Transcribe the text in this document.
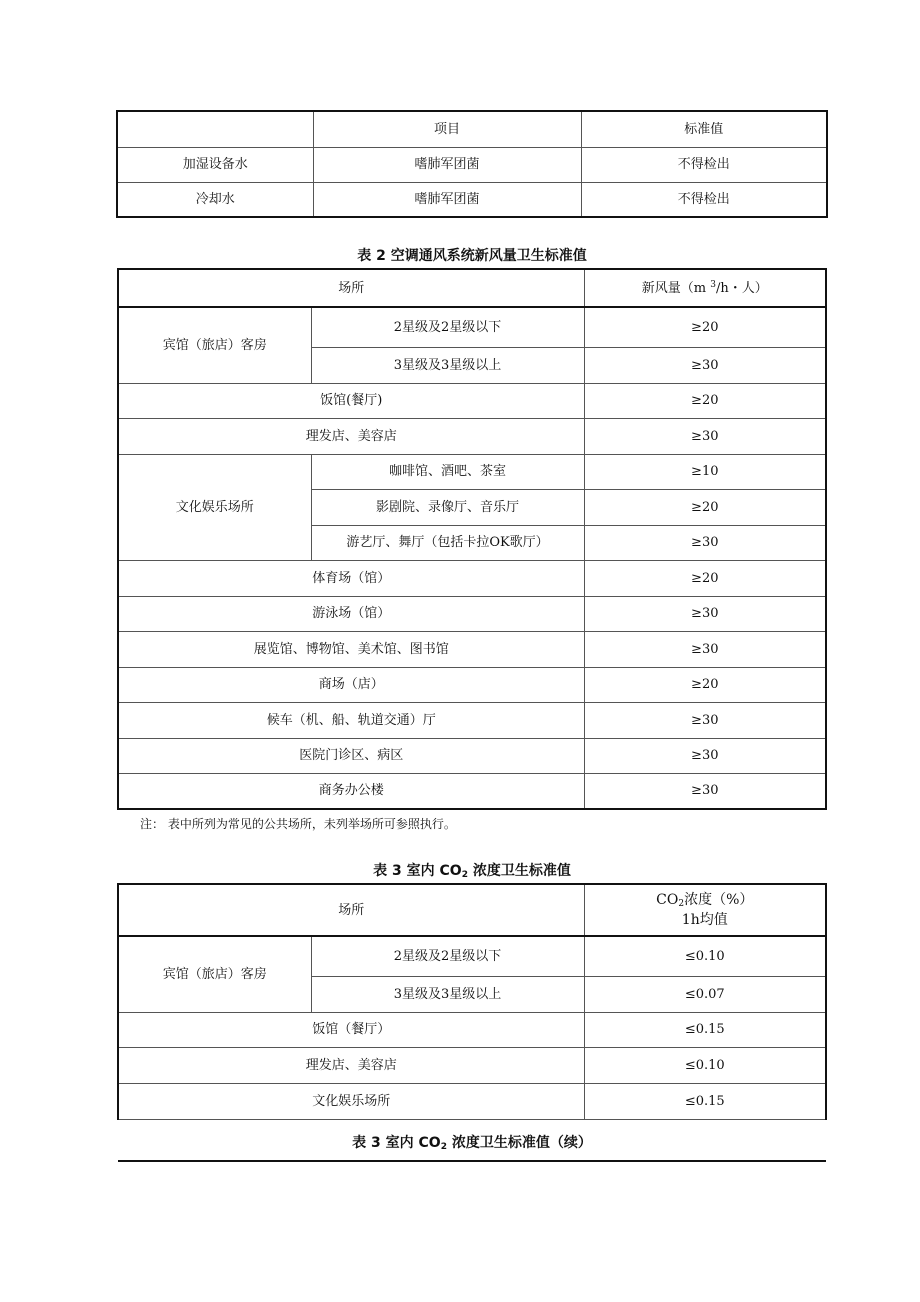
	项目	标准值
加湿设备水	嗜肺军团菌	不得检出
冷却水	嗜肺军团菌	不得检出
表 2 空调通风系统新风量卫生标准值
场所		新风量（m $^3$/h・人）
宾馆（旅店）客房	2星级及2星级以下	≥20
	3星级及3星级以上	≥30
饭馆(餐厅)		≥20
理发店、美容店		≥30
文化娱乐场所	咖啡馆、酒吧、茶室	≥10
	影剧院、录像厅、音乐厅	≥20
	游艺厅、舞厅（包括卡拉OK歌厅）	≥30
体育场（馆）		≥20
游泳场（馆）		≥30
展览馆、博物馆、美术馆、图书馆		≥30
商场（店）		≥20
候车（机、船、轨道交通）厅		≥30
医院门诊区、病区		≥30
商务办公楼		≥30
注： 表中所列为常见的公共场所，未列举场所可参照执行。
表 3 室内 $CO_2$ 浓度卫生标准值
场所		$CO_2$浓度（%）
1h均值

宾馆（旅店）客房	2星级及2星级以下	≤0.10
	3星级及3星级以上	≤0.07
饭馆（餐厅）		≤0.15
理发店、美容店		≤0.10
文化娱乐场所		≤0.15
表 3 室内 $CO_2$ 浓度卫生标准值（续）
